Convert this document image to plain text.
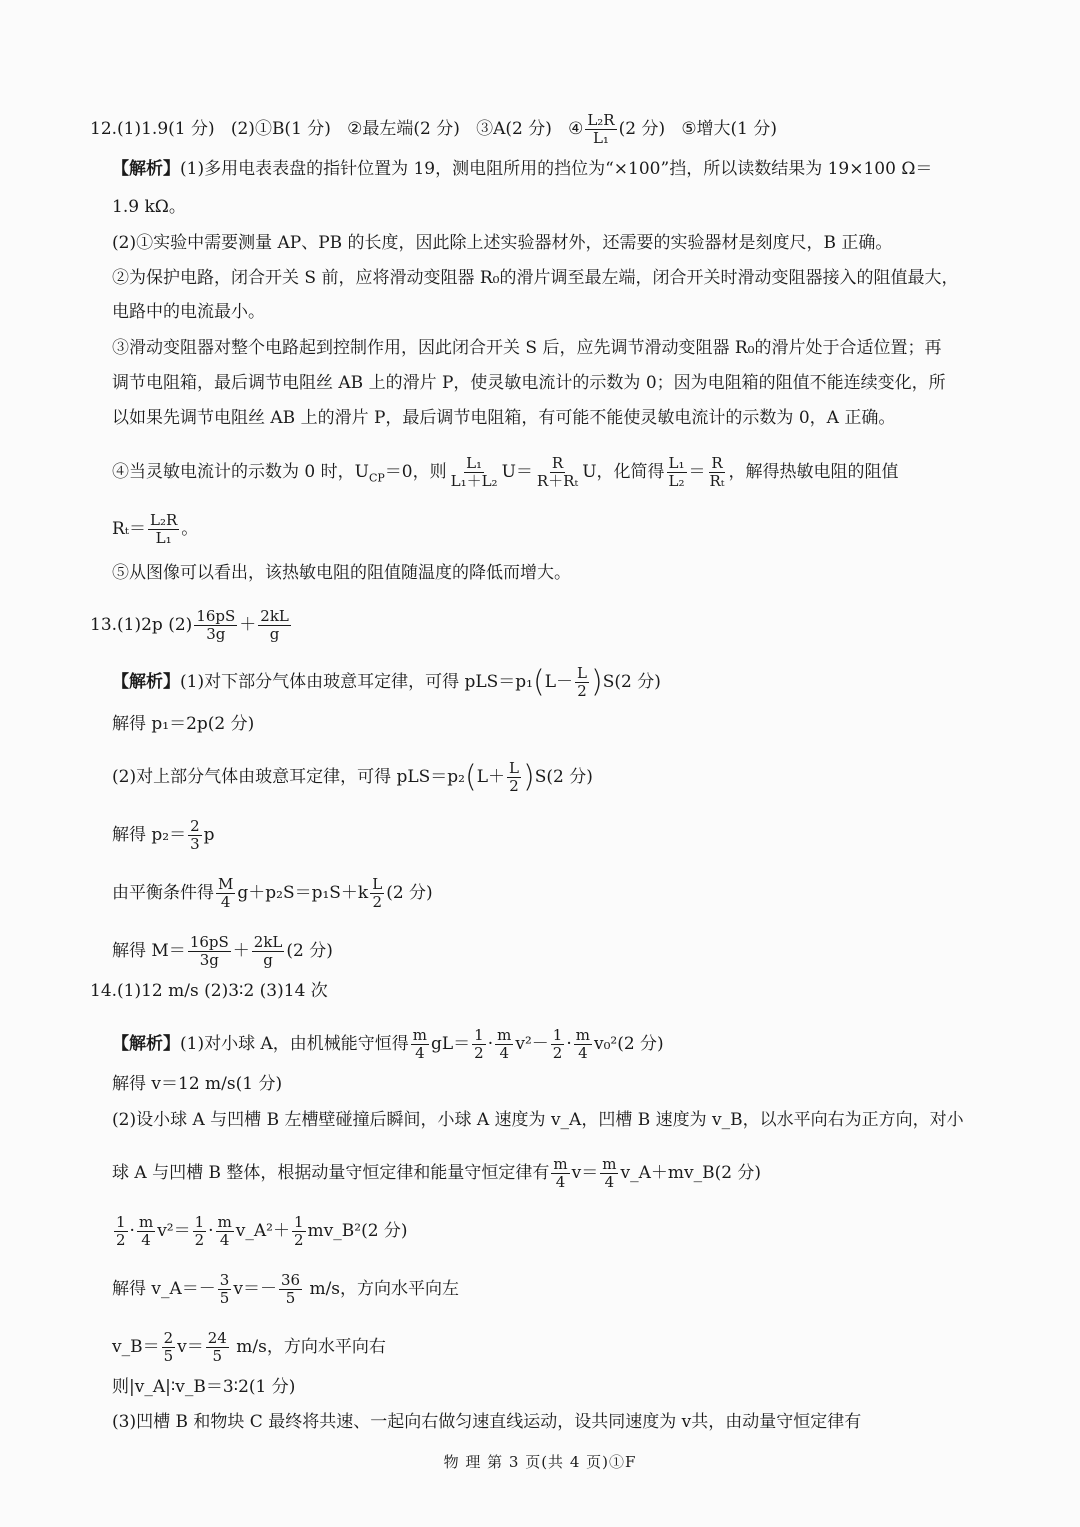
12.(1)1.9(1 分) (2)①B(1 分) ②最左端(2 分) ③A(2 分) ④ $\frac{\text{L₂R}}{\text{L₁}} (2$ 分) ⑤增大(1 分)
【解析】(1)多用电表表盘的指针位置为 19，测电阻所用的挡位为“×100”挡，所以读数结果为 19×100 Ω＝
1.9 kΩ。
(2)①实验中需要测量 AP、PB 的长度，因此除上述实验器材外，还需要的实验器材是刻度尺，B 正确。
②为保护电路，闭合开关 S 前，应将滑动变阻器 R₀的滑片调至最左端，闭合开关时滑动变阻器接入的阻值最大，
电路中的电流最小。
③滑动变阻器对整个电路起到控制作用，因此闭合开关 S 后，应先调节滑动变阻器 R₀的滑片处于合适位置；再
调节电阻箱，最后调节电阻丝 AB 上的滑片 P，使灵敏电流计的示数为 0；因为电阻箱的阻值不能连续变化，所
以如果先调节电阻丝 AB 上的滑片 P，最后调节电阻箱，有可能不能使灵敏电流计的示数为 0，A 正确。
④当灵敏电流计的示数为 0 时，$U_{CP}=0$，则 $\frac{\text{L₁}}{\text{L₁＋L₂}} U= \frac{R}{\text{R＋Rₜ}}$ U，化简得 $\frac{\text{L₁}}{\text{L₂}} = \frac{R}{\text{Rₜ}}$ ，解得热敏电阻的阻值
$R_t= \frac{\text{L₂R}}{\text{L₁}}$ 。
⑤从图像可以看出，该热敏电阻的阻值随温度的降低而增大。
13.(1)2p $(2) \frac{16pS}{3g} + \frac{2kL}{g}$
【解析】(1)对下部分气体由玻意耳定律，可得 $pLS=p_1(L- \frac{L}{2} )S(2$ 分)
解得 p₁＝2p(2 分)
(2)对上部分气体由玻意耳定律，可得 $pLS=p_2(L+ \frac{L}{2} )S(2$ 分)
解得 $p_2= \frac{2}{3}$ p
由平衡条件得 $\frac{M}{4} g+p_2S=p_1S+k \frac{L}{2} (2$ 分)
解得 $M= \frac{16pS}{3g} + \frac{2kL}{g} (2$ 分)
14.(1)12 m/s (2)3∶2 (3)14 次
【解析】(1)对小球 A，由机械能守恒得 $\frac{m}{4} gL= \frac{1}{2} \cdot \frac{m}{4} v^2- \frac{1}{2} \cdot \frac{m}{4} v_0^2(2$ 分)
解得 v＝12 m/s(1 分)
(2)设小球 A 与凹槽 B 左槽壁碰撞后瞬间，小球 A 速度为 v_A，凹槽 B 速度为 v_B，以水平向右为正方向，对小
球 A 与凹槽 B 整体，根据动量守恒定律和能量守恒定律有 $\frac{m}{4} v= \frac{m}{4}$ v_A＋mv_B(2 分)
$\frac{1}{2} \cdot \frac{m}{4} v^2= \frac{1}{2} \cdot \frac{m}{4}$ v_A²＋ $\frac{1}{2}$ mv_B²(2 分)
解得 v_A＝－ $\frac{3}{5} v=- \frac{36}{5} m/s$，方向水平向左
v_B＝ $\frac{2}{5} v= \frac{24}{5} m/s$，方向水平向右
则|v_A|∶v_B＝3∶2(1 分)
(3)凹槽 B 和物块 C 最终将共速、一起向右做匀速直线运动，设共同速度为 v共，由动量守恒定律有
物 理 第 3 页(共 4 页)①F
